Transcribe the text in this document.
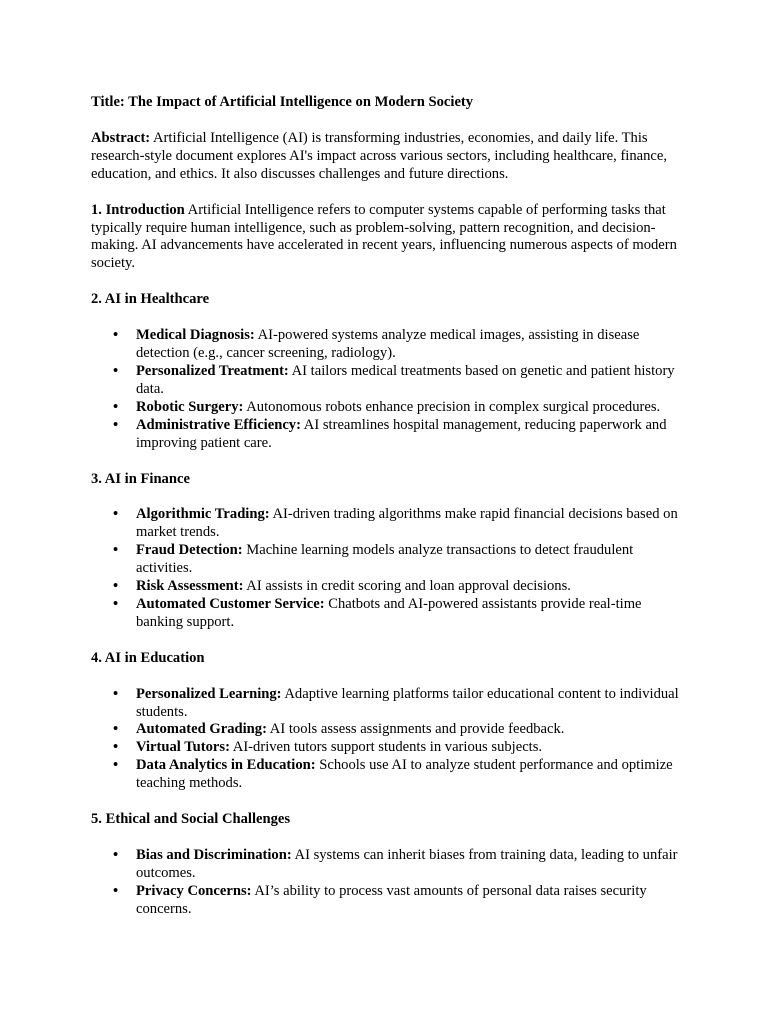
Title: The Impact of Artificial Intelligence on Modern Society

Abstract: Artificial Intelligence (AI) is transforming industries, economies, and daily life. This research-style document explores AI's impact across various sectors, including healthcare, finance, education, and ethics. It also discusses challenges and future directions.

1. Introduction Artificial Intelligence refers to computer systems capable of performing tasks that typically require human intelligence, such as problem-solving, pattern recognition, and decision-making. AI advancements have accelerated in recent years, influencing numerous aspects of modern society.

2. AI in Healthcare

• Medical Diagnosis: AI-powered systems analyze medical images, assisting in disease detection (e.g., cancer screening, radiology).
• Personalized Treatment: AI tailors medical treatments based on genetic and patient history data.
• Robotic Surgery: Autonomous robots enhance precision in complex surgical procedures.
• Administrative Efficiency: AI streamlines hospital management, reducing paperwork and improving patient care.

3. AI in Finance

• Algorithmic Trading: AI-driven trading algorithms make rapid financial decisions based on market trends.
• Fraud Detection: Machine learning models analyze transactions to detect fraudulent activities.
• Risk Assessment: AI assists in credit scoring and loan approval decisions.
• Automated Customer Service: Chatbots and AI-powered assistants provide real-time banking support.

4. AI in Education

• Personalized Learning: Adaptive learning platforms tailor educational content to individual students.
• Automated Grading: AI tools assess assignments and provide feedback.
• Virtual Tutors: AI-driven tutors support students in various subjects.
• Data Analytics in Education: Schools use AI to analyze student performance and optimize teaching methods.

5. Ethical and Social Challenges

• Bias and Discrimination: AI systems can inherit biases from training data, leading to unfair outcomes.
• Privacy Concerns: AI’s ability to process vast amounts of personal data raises security concerns.
